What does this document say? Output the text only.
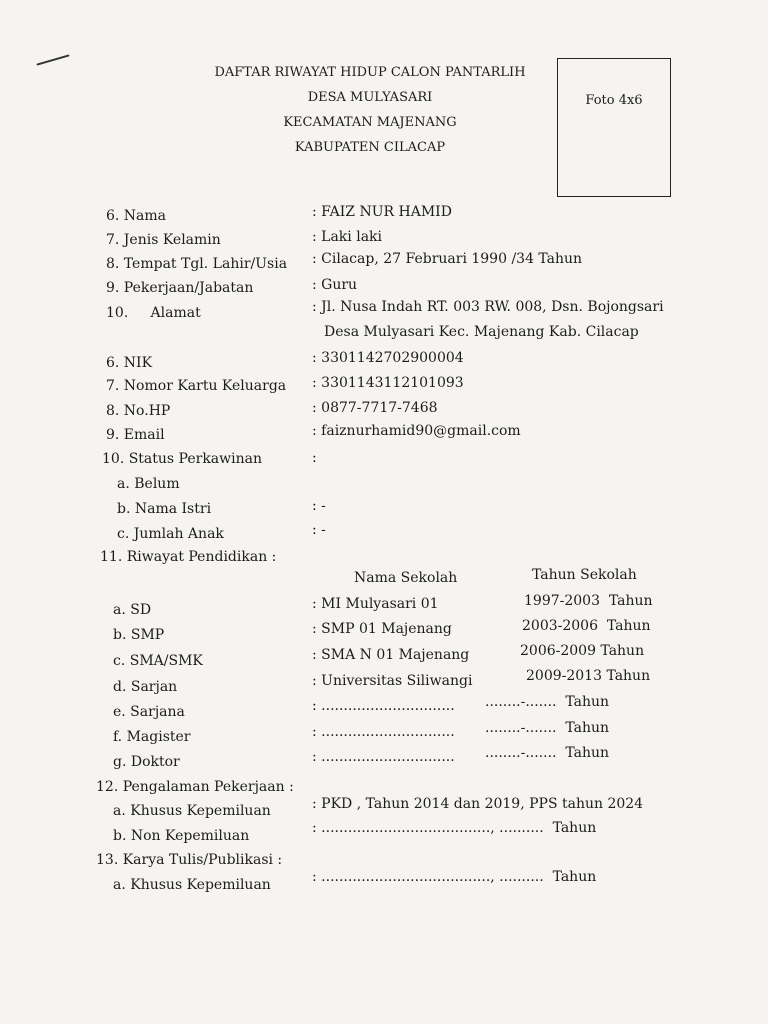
DAFTAR RIWAYAT HIDUP CALON PANTARLIH
DESA MULYASARI
KECAMATAN MAJENANG
KABUPATEN CILACAP
Foto 4x6
6. Nama	: FAIZ NUR HAMID
7. Jenis Kelamin	: Laki laki
8. Tempat Tgl. Lahir/Usia : Cilacap, 27 Februari 1990 /34 Tahun
9. Pekerjaan/Jabatan	: Guru
10.     Alamat	: Jl. Nusa Indah RT. 003 RW. 008, Dsn. Bojongsari
Desa Mulyasari Kec. Majenang Kab. Cilacap
6. NIK	: 3301142702900004
7. Nomor Kartu Keluarga : 3301143112101093
8. No.HP	: 0877-7717-7468
9. Email	: faiznurhamid90@gmail.com
10. Status Perkawinan	:
a. Belum
b. Nama Istri	: -
c. Jumlah Anak	: -
11. Riwayat Pendidikan :
Nama Sekolah	Tahun Sekolah
a. SD	: MI Mulyasari 01	1997-2003  Tahun
b. SMP	: SMP 01 Majenang	2003-2006  Tahun
c. SMA/SMK	: SMA N 01 Majenang	2006-2009 Tahun
d. Sarjan	: Universitas Siliwangi	2009-2013 Tahun
e. Sarjana	: .............................. ........-.......  Tahun
f. Magister	: .............................. ........-.......  Tahun
g. Doktor	: .............................. ........-.......  Tahun
12. Pengalaman Pekerjaan :
a. Khusus Kepemiluan	: PKD , Tahun 2014 dan 2019, PPS tahun 2024
b. Non Kepemiluan	: ......................................, ..........  Tahun
13. Karya Tulis/Publikasi :
a. Khusus Kepemiluan	: ......................................, ..........  Tahun
